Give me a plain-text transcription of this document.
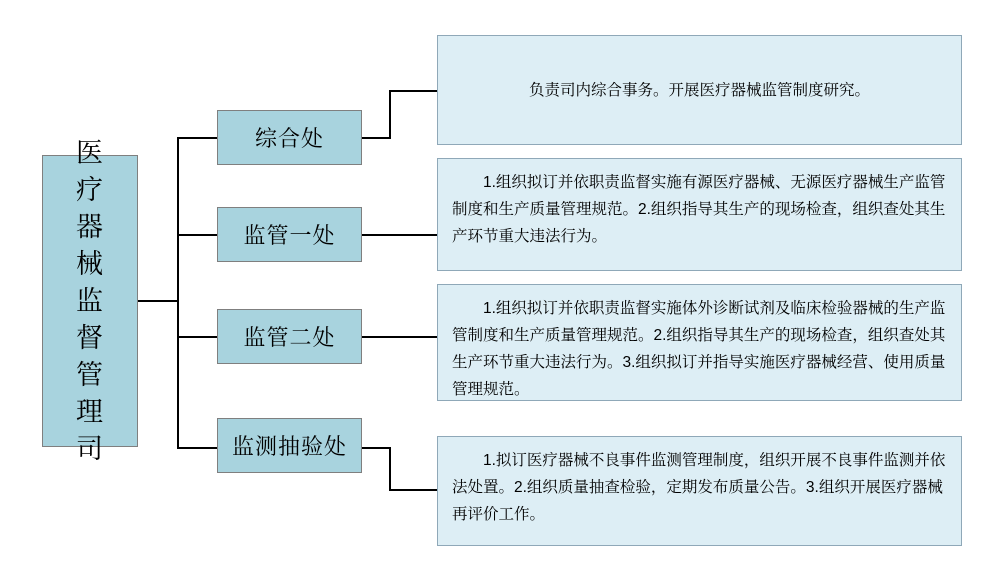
医疗器械监督管理司
综合处
监管一处
监管二处
监测抽验处
负责司内综合事务。开展医疗器械监管制度研究。
1.组织拟订并依职责监督实施有源医疗器械、无源医疗器械生产监管制度和生产质量管理规范。2.组织指导其生产的现场检查，组织查处其生产环节重大违法行为。
1.组织拟订并依职责监督实施体外诊断试剂及临床检验器械的生产监管制度和生产质量管理规范。2.组织指导其生产的现场检查，组织查处其生产环节重大违法行为。3.组织拟订并指导实施医疗器械经营、使用质量管理规范。
1.拟订医疗器械不良事件监测管理制度，组织开展不良事件监测并依法处置。2.组织质量抽查检验，定期发布质量公告。3.组织开展医疗器械再评价工作。
